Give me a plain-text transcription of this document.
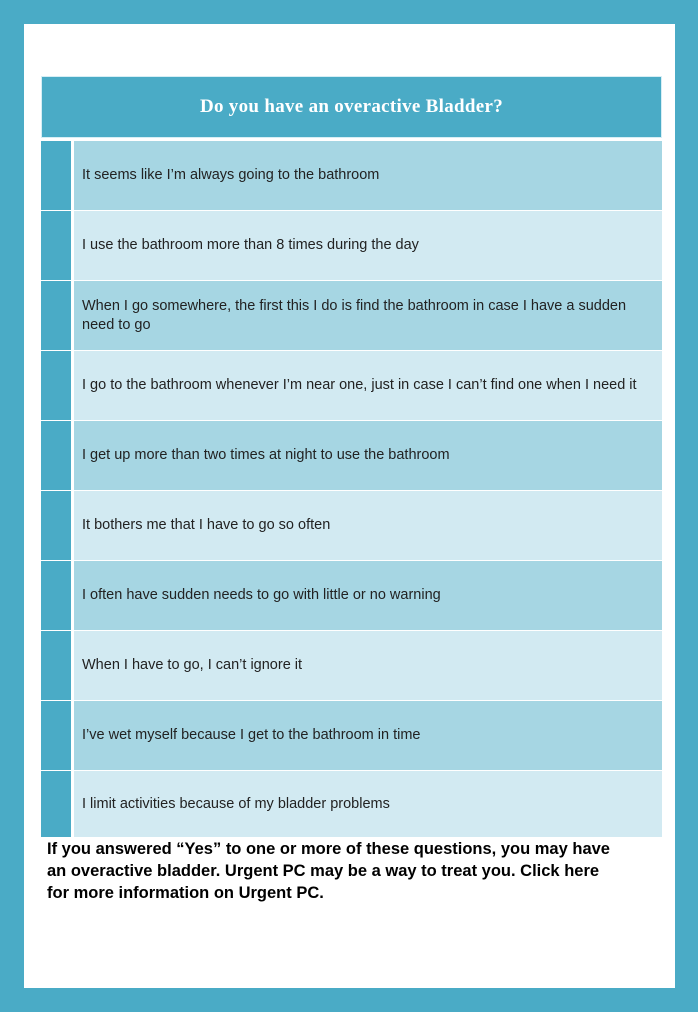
Do you have an overactive Bladder?
It seems like I’m always going to the bathroom
I use the bathroom more than 8 times during the day
When I go somewhere, the first this I do is find the bathroom in case I have a sudden need to go
I go to the bathroom whenever I’m near one, just in case I can’t find one when I need it
I get up more than two times at night to use the bathroom
It bothers me that I have to go so often
I often have sudden needs to go with little or no warning
When I have to go, I can’t ignore it
I’ve wet myself because I get to the bathroom in time
I limit activities because of my bladder problems

If you answered “Yes” to one or more of these questions, you may have an overactive bladder. Urgent PC may be a way to treat you. Click here for more information on Urgent PC.
